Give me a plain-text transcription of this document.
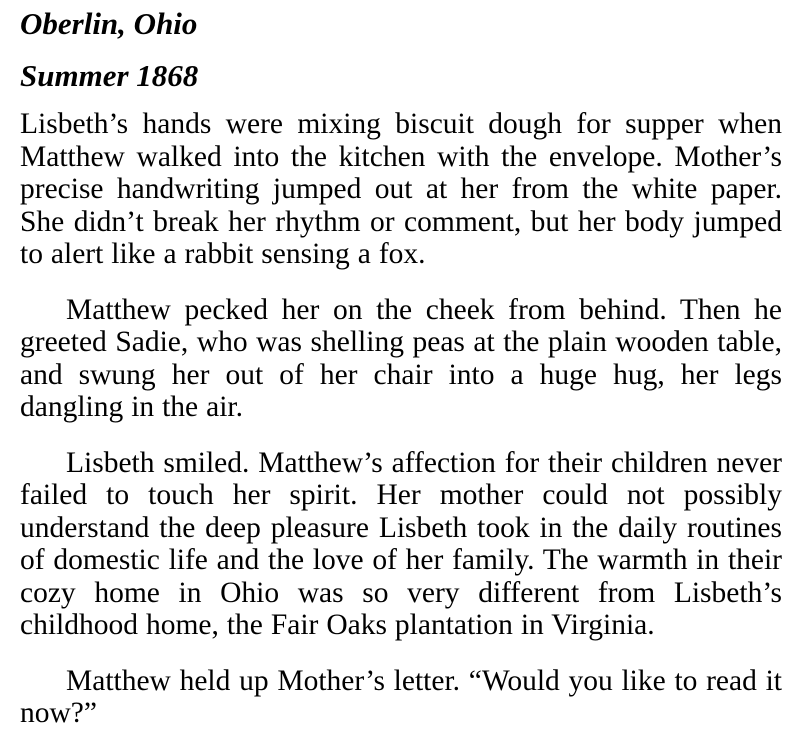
Oberlin, Ohio
Summer 1868

Lisbeth’s hands were mixing biscuit dough for supper when Matthew walked into the kitchen with the envelope. Mother’s precise handwriting jumped out at her from the white paper. She didn’t break her rhythm or comment, but her body jumped to alert like a rabbit sensing a fox.

Matthew pecked her on the cheek from behind. Then he greeted Sadie, who was shelling peas at the plain wooden table, and swung her out of her chair into a huge hug, her legs dangling in the air.

Lisbeth smiled. Matthew’s affection for their children never failed to touch her spirit. Her mother could not possibly understand the deep pleasure Lisbeth took in the daily routines of domestic life and the love of her family. The warmth in their cozy home in Ohio was so very different from Lisbeth’s childhood home, the Fair Oaks plantation in Virginia.

Matthew held up Mother’s letter. “Would you like to read it now?”
